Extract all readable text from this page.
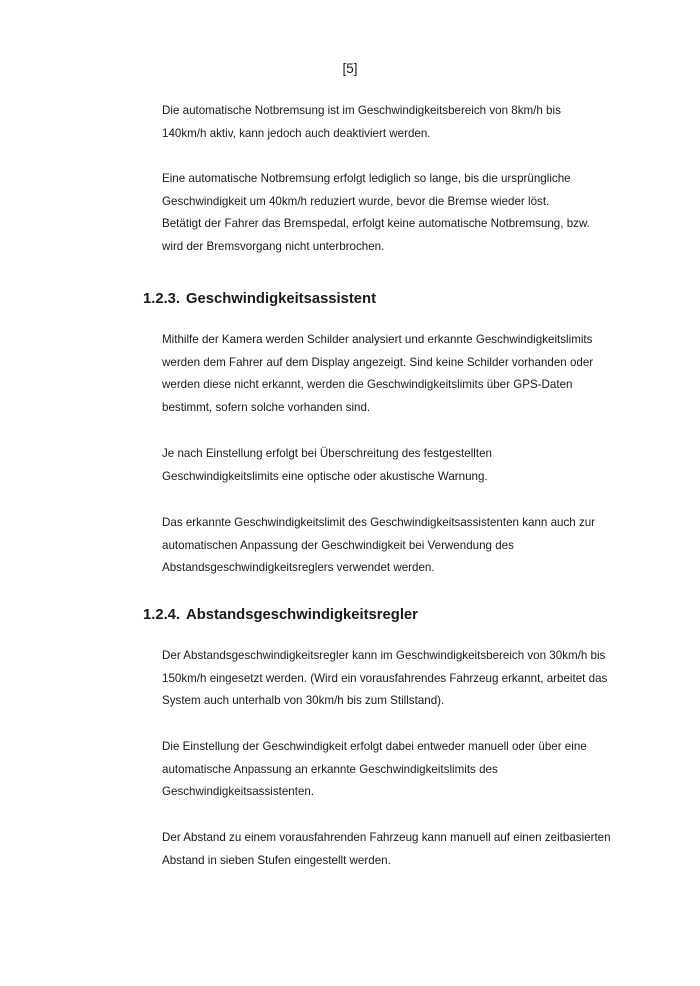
[5]

Die automatische Notbremsung ist im Geschwindigkeitsbereich von 8km/h bis
140km/h aktiv, kann jedoch auch deaktiviert werden.

Eine automatische Notbremsung erfolgt lediglich so lange, bis die ursprüngliche
Geschwindigkeit um 40km/h reduziert wurde, bevor die Bremse wieder löst.
Betätigt der Fahrer das Bremspedal, erfolgt keine automatische Notbremsung, bzw.
wird der Bremsvorgang nicht unterbrochen.

1.2.3. Geschwindigkeitsassistent

Mithilfe der Kamera werden Schilder analysiert und erkannte Geschwindigkeitslimits
werden dem Fahrer auf dem Display angezeigt. Sind keine Schilder vorhanden oder
werden diese nicht erkannt, werden die Geschwindigkeitslimits über GPS-Daten
bestimmt, sofern solche vorhanden sind.

Je nach Einstellung erfolgt bei Überschreitung des festgestellten
Geschwindigkeitslimits eine optische oder akustische Warnung.

Das erkannte Geschwindigkeitslimit des Geschwindigkeitsassistenten kann auch zur
automatischen Anpassung der Geschwindigkeit bei Verwendung des
Abstandsgeschwindigkeitsreglers verwendet werden.

1.2.4. Abstandsgeschwindigkeitsregler

Der Abstandsgeschwindigkeitsregler kann im Geschwindigkeitsbereich von 30km/h bis
150km/h eingesetzt werden. (Wird ein vorausfahrendes Fahrzeug erkannt, arbeitet das
System auch unterhalb von 30km/h bis zum Stillstand).

Die Einstellung der Geschwindigkeit erfolgt dabei entweder manuell oder über eine
automatische Anpassung an erkannte Geschwindigkeitslimits des
Geschwindigkeitsassistenten.

Der Abstand zu einem vorausfahrenden Fahrzeug kann manuell auf einen zeitbasierten
Abstand in sieben Stufen eingestellt werden.
